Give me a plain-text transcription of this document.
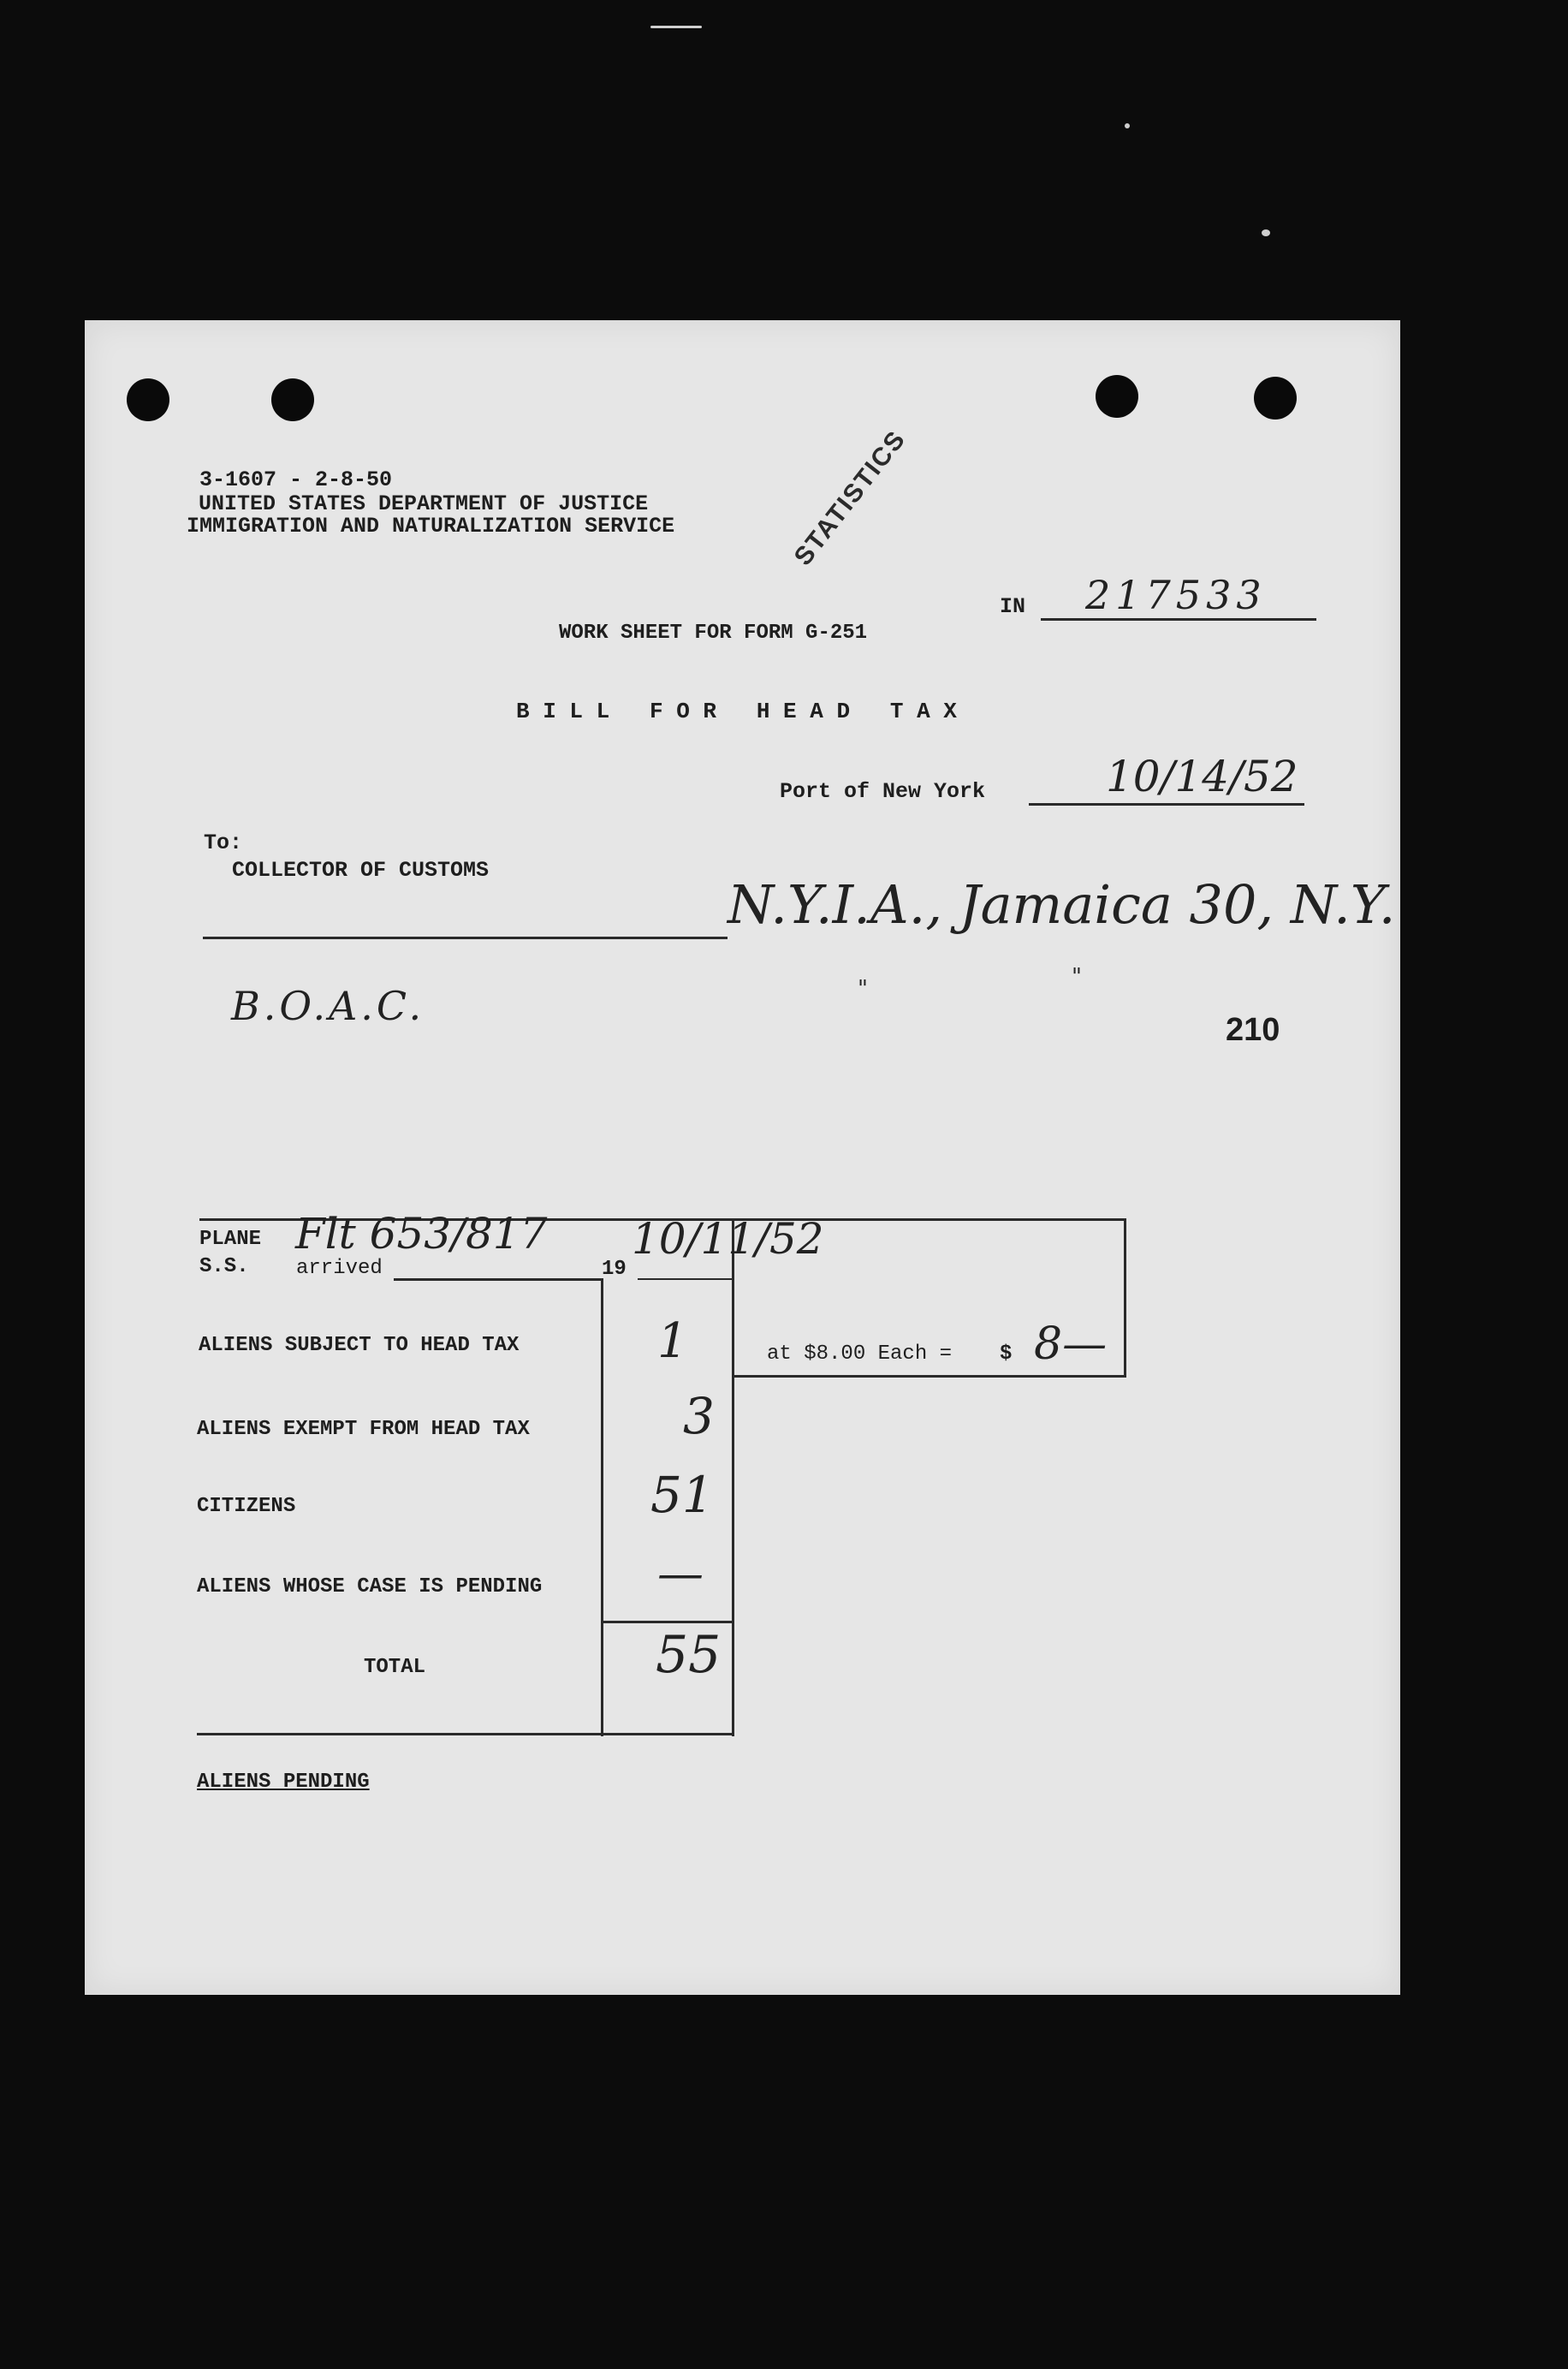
3-1607 - 2-8-50
UNITED STATES DEPARTMENT OF JUSTICE
IMMIGRATION AND NATURALIZATION SERVICE	STATISTICS
IN 217533
WORK SHEET FOR FORM G-251
B I L L   F O R   H E A D   T A X
Port of New York	10/14/52
To:
COLLECTOR OF CUSTOMS
N.Y.I.A., Jamaica 30, N.Y.
"	"
B.O.A.C.
210
PLANE
S.S. arrived
Flt 653/817
19
10/11/52
at $8.00 Each = $ 8—
ALIENS SUBJECT TO HEAD TAX	1
ALIENS EXEMPT FROM HEAD TAX	3
CITIZENS	51
ALIENS WHOSE CASE IS PENDING —
TOTAL	55
ALIENS PENDING
